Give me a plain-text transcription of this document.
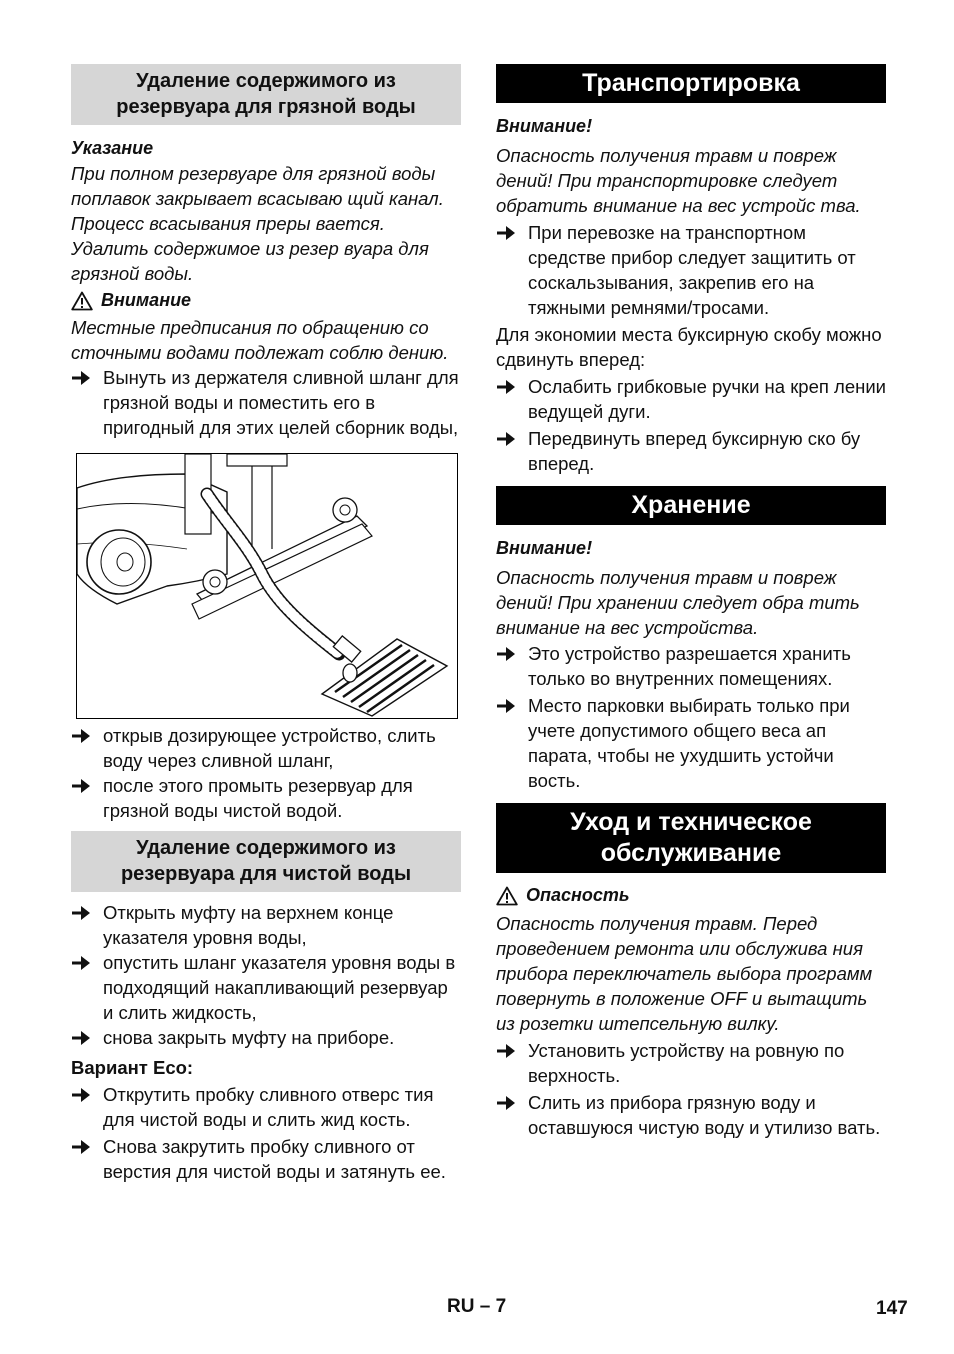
Удаление содержимого из резервуара для грязной воды
Указание
При полном резервуаре для грязной воды поплавок закрывает всасываю щий канал. Процесс всасывания преры вается. Удалить содержимое из резер вуара для грязной воды.
Внимание
Местные предписания по обращению со сточными водами подлежат соблю дению.
Вынуть из держателя сливной шланг для грязной воды и поместить его в пригодный для этих целей сборник воды,
открыв дозирующее устройство, слить воду через сливной шланг,
после этого промыть резервуар для грязной воды чистой водой.
Удаление содержимого из резервуара для чистой воды
Открыть муфту на верхнем конце указателя уровня воды,
опустить шланг указателя уровня воды в подходящий накапливающий резервуар и слить жидкость,
снова закрыть муфту на приборе.
Вариант Eco:
Открутить пробку сливного отверс тия для чистой воды и слить жид кость.
Снова закрутить пробку сливного от верстия для чистой воды и затянуть ее.
Транспортировка
Внимание!
Опасность получения травм и повреж дений! При транспортировке следует обратить внимание на вес устройс тва.
При перевозке на транспортном средстве прибор следует защитить от соскальзывания, закрепив его на тяжными ремнями/тросами.
Для экономии места буксирную скобу можно сдвинуть вперед:
Ослабить грибковые ручки на креп лении ведущей дуги.
Передвинуть вперед буксирную ско бу вперед.
Хранение
Внимание!
Опасность получения травм и повреж дений! При хранении следует обра тить внимание на вес устройства.
Это устройство разрешается хранить только во внутренних помещениях.
Место парковки выбирать только при учете допустимого общего веса ап парата, чтобы не ухудшить устойчи вость.
Уход и техническое обслуживание
Опасность
Опасность получения травм. Перед проведением ремонта или обслужива ния прибора переключатель выбора программ повернуть в положение OFF и вытащить из розетки штепсельную вилку.
Установить устройству на ровную по верхность.
Слить из прибора грязную воду и оставшуюся чистую воду и утилизо вать.
RU – 7	147
